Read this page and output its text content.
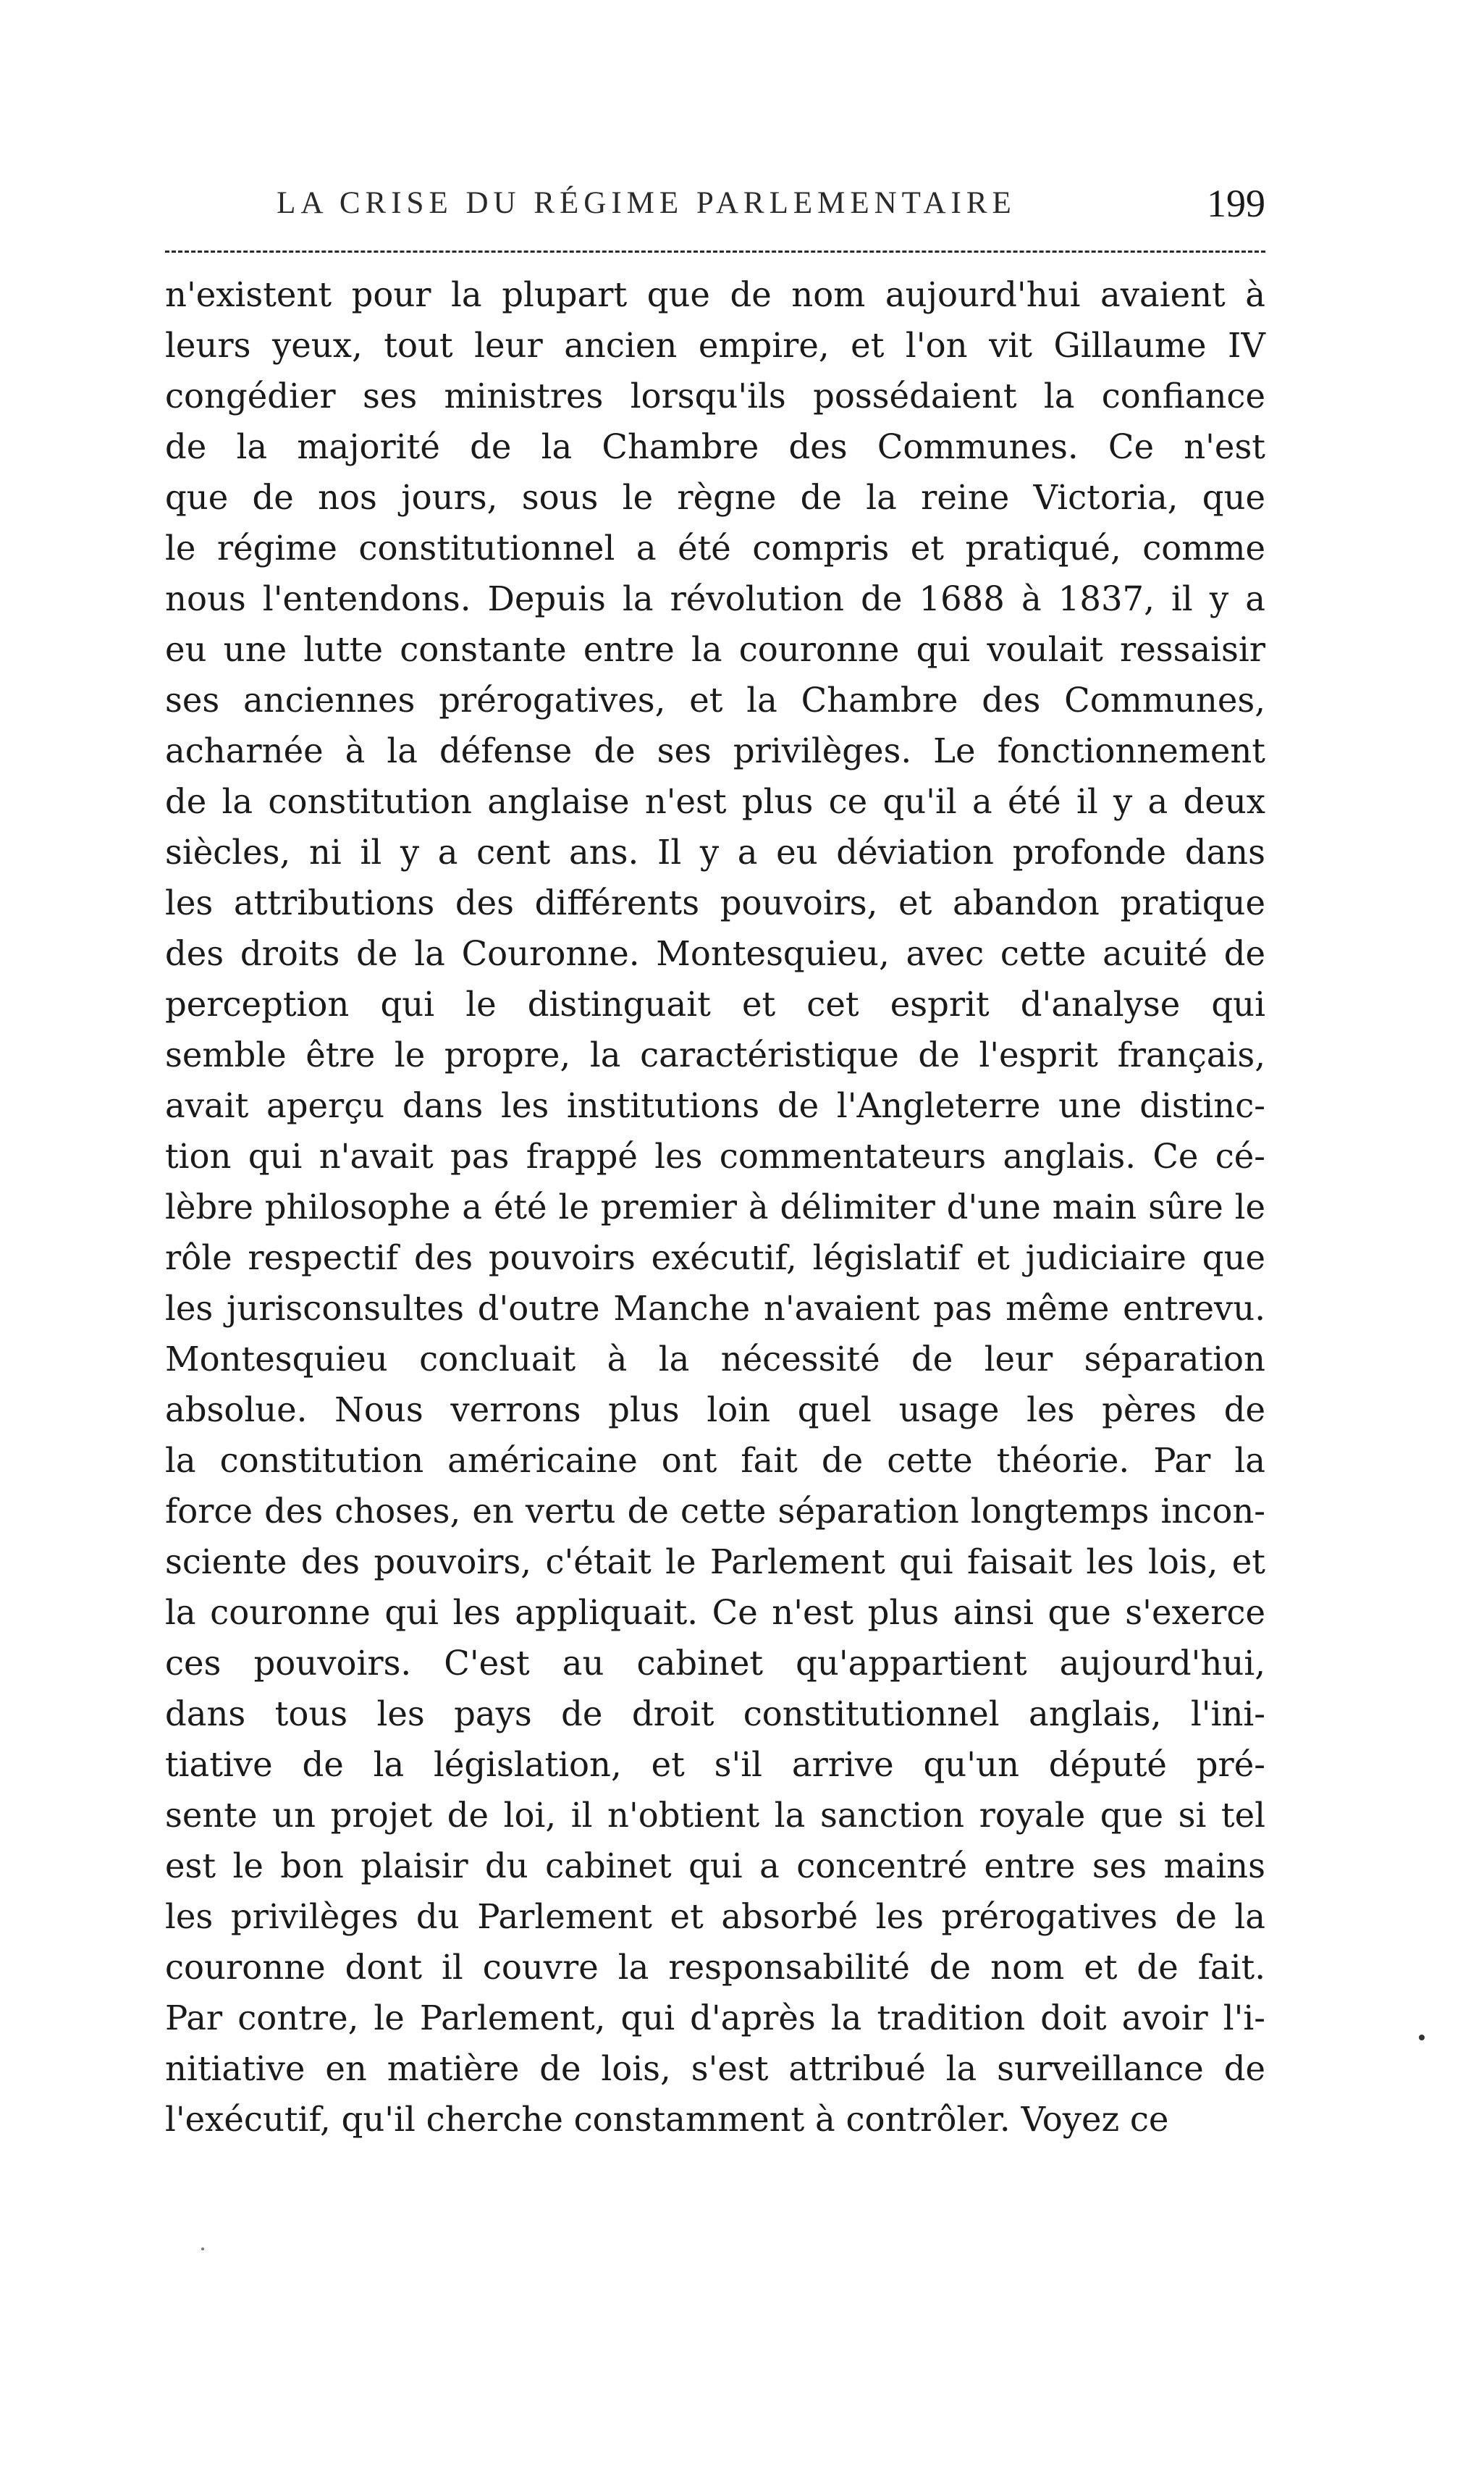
LA CRISE DU RÉGIME PARLEMENTAIRE	199
n'existent pour la plupart que de nom aujourd'hui avaient à
leurs yeux, tout leur ancien empire, et l'on vit Gillaume IV
congédier ses ministres lorsqu'ils possédaient la confiance
de la majorité de la Chambre des Communes. Ce n'est
que de nos jours, sous le règne de la reine Victoria, que
le régime constitutionnel a été compris et pratiqué, comme
nous l'entendons. Depuis la révolution de 1688 à 1837, il y a
eu une lutte constante entre la couronne qui voulait ressaisir
ses anciennes prérogatives, et la Chambre des Communes,
acharnée à la défense de ses privilèges. Le fonctionnement
de la constitution anglaise n'est plus ce qu'il a été il y a deux
siècles, ni il y a cent ans. Il y a eu déviation profonde dans
les attributions des différents pouvoirs, et abandon pratique
des droits de la Couronne. Montesquieu, avec cette acuité de
perception qui le distinguait et cet esprit d'analyse qui
semble être le propre, la caractéristique de l'esprit français,
avait aperçu dans les institutions de l'Angleterre une distinc-
tion qui n'avait pas frappé les commentateurs anglais. Ce cé-
lèbre philosophe a été le premier à délimiter d'une main sûre le
rôle respectif des pouvoirs exécutif, législatif et judiciaire que
les jurisconsultes d'outre Manche n'avaient pas même entrevu.
Montesquieu concluait à la nécessité de leur séparation
absolue. Nous verrons plus loin quel usage les pères de
la constitution américaine ont fait de cette théorie. Par la
force des choses, en vertu de cette séparation longtemps incon-
sciente des pouvoirs, c'était le Parlement qui faisait les lois, et
la couronne qui les appliquait. Ce n'est plus ainsi que s'exerce
ces pouvoirs. C'est au cabinet qu'appartient aujourd'hui,
dans tous les pays de droit constitutionnel anglais, l'ini-
tiative de la législation, et s'il arrive qu'un député pré-
sente un projet de loi, il n'obtient la sanction royale que si tel
est le bon plaisir du cabinet qui a concentré entre ses mains
les privilèges du Parlement et absorbé les prérogatives de la
couronne dont il couvre la responsabilité de nom et de fait.
Par contre, le Parlement, qui d'après la tradition doit avoir l'i-
nitiative en matière de lois, s'est attribué la surveillance de
l'exécutif, qu'il cherche constamment à contrôler. Voyez ce
